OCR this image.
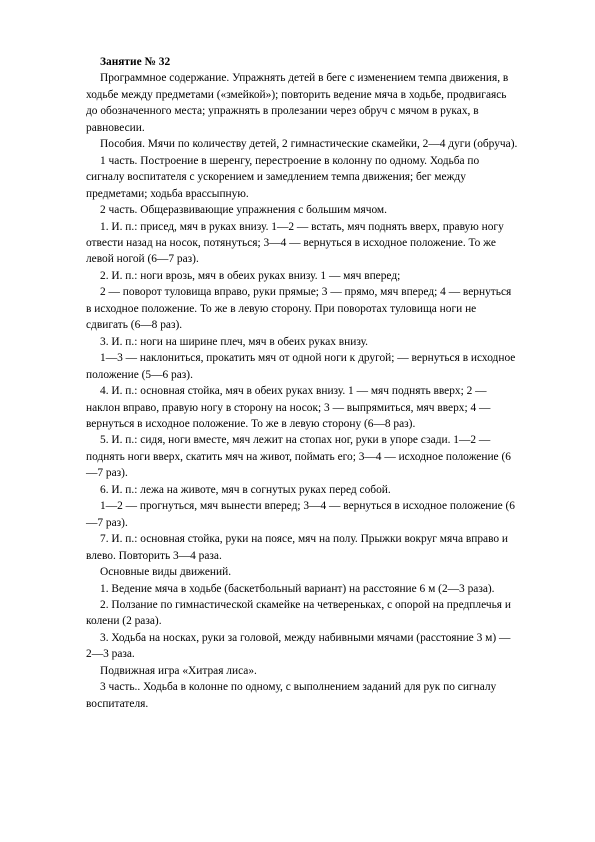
Занятие № 32

Программное содержание. Упражнять детей в беге с изменением темпа движения, в ходьбе между предметами («змейкой»); повторить ведение мяча в ходьбе, продвигаясь до обозначенного места; упражнять в пролезании через обруч с мячом в руках, в равновесии.

Пособия. Мячи по количеству детей, 2 гимнастические скамейки, 2—4 дуги (обруча).

1 часть. Построение в шеренгу, перестроение в колонну по одному. Ходьба по сигналу воспитателя с ускорением и замедлением темпа движения; бег между предметами; ходьба врассыпную.

2 часть. Общеразвивающие упражнения с большим мячом.

1. И. п.: присед, мяч в руках внизу. 1—2 — встать, мяч поднять вверх, правую ногу отвести назад на носок, потянуться; 3—4 — вернуться в исходное положение. То же левой ногой (6—7 раз).

2. И. п.: ноги врозь, мяч в обеих руках внизу. 1 — мяч вперед;

2 — поворот туловища вправо, руки прямые; 3 — прямо, мяч вперед; 4 — вернуться в исходное положение. То же в левую сторону. При поворотах туловища ноги не сдвигать (6—8 раз).

3. И. п.: ноги на ширине плеч, мяч в обеих руках внизу.

1—3 — наклониться, прокатить мяч от одной ноги к другой; — вернуться в исходное положение (5—6 раз).

4. И. п.: основная стойка, мяч в обеих руках внизу. 1 — мяч поднять вверх; 2 — наклон вправо, правую ногу в сторону на носок; 3 — выпрямиться, мяч вверх; 4 — вернуться в исходное положение. То же в левую сторону (6—8 раз).

5. И. п.: сидя, ноги вместе, мяч лежит на стопах ног, руки в упоре сзади. 1—2 — поднять ноги вверх, скатить мяч на живот, поймать его; 3—4 — исходное положение (6—7 раз).

6. И. п.: лежа на животе, мяч в согнутых руках перед собой.

1—2 — прогнуться, мяч вынести вперед; 3—4 — вернуться в исходное положение (6—7 раз).

7. И. п.: основная стойка, руки на поясе, мяч на полу. Прыжки вокруг мяча вправо и влево. Повторить 3—4 раза.

Основные виды движений.

1. Ведение мяча в ходьбе (баскетбольный вариант) на расстояние 6 м (2—3 раза).

2. Ползание по гимнастической скамейке на четвереньках, с опорой на предплечья и колени (2 раза).

3. Ходьба на носках, руки за головой, между набивными мячами (расстояние 3 м) — 2—3 раза.

Подвижная игра «Хитрая лиса».

3 часть.. Ходьба в колонне по одному, с выполнением заданий для рук по сигналу воспитателя.
